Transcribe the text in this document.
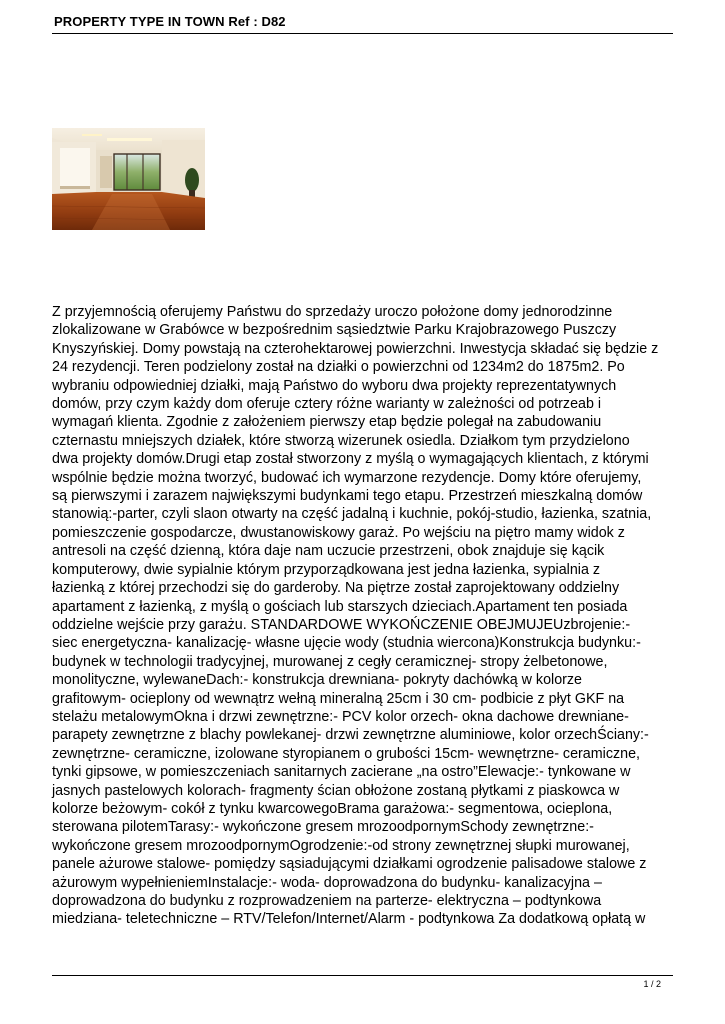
PROPERTY TYPE IN TOWN Ref : D82
Z przyjemnością oferujemy Państwu do sprzedaży uroczo położone domy jednorodzinne
zlokalizowane w Grabówce w bezpośrednim sąsiedztwie Parku Krajobrazowego Puszczy
Knyszyńskiej. Domy powstają na czterohektarowej powierzchni. Inwestycja składać się będzie z
24 rezydencji. Teren podzielony został na działki o powierzchni od 1234m2 do 1875m2. Po
wybraniu odpowiedniej działki, mają Państwo do wyboru dwa projekty reprezentatywnych
domów, przy czym każdy dom oferuje cztery różne warianty w zależności od potrzeab i
wymagań klienta. Zgodnie z założeniem pierwszy etap będzie polegał na zabudowaniu
czternastu mniejszych działek, które stworzą wizerunek osiedla. Działkom tym przydzielono
dwa projekty domów.Drugi etap został stworzony z myślą o wymagających klientach, z którymi
wspólnie będzie można tworzyć, budować ich wymarzone rezydencje. Domy które oferujemy,
są pierwszymi i zarazem największymi budynkami tego etapu. Przestrzeń mieszkalną domów
stanowią:-parter, czyli slaon otwarty na część jadalną i kuchnie, pokój-studio, łazienka, szatnia,
pomieszczenie gospodarcze, dwustanowiskowy garaż. Po wejściu na piętro mamy widok z
antresoli na część dzienną, która daje nam uczucie przestrzeni, obok znajduje się kącik
komputerowy, dwie sypialnie którym przyporządkowana jest jedna łazienka, sypialnia z
łazienką z której przechodzi się do garderoby. Na piętrze został zaprojektowany oddzielny
apartament z łazienką, z myślą o gościach lub starszych dzieciach.Apartament ten posiada
oddzielne wejście przy garażu. STANDARDOWE WYKOŃCZENIE OBEJMUJEUzbrojenie:-
siec energetyczna- kanalizację- własne ujęcie wody (studnia wiercona)Konstrukcja budynku:-
budynek w technologii tradycyjnej, murowanej z cegły ceramicznej- stropy żelbetonowe,
monolityczne, wylewaneDach:- konstrukcja drewniana- pokryty dachówką w kolorze
grafitowym- ocieplony od wewnątrz wełną mineralną 25cm i 30 cm- podbicie z płyt GKF na
stelażu metalowymOkna i drzwi zewnętrzne:- PCV kolor orzech- okna dachowe drewniane-
parapety zewnętrzne z blachy powlekanej- drzwi zewnętrzne aluminiowe, kolor orzechŚciany:-
zewnętrzne- ceramiczne, izolowane styropianem o grubości 15cm- wewnętrzne- ceramiczne,
tynki gipsowe, w pomieszczeniach sanitarnych zacierane „na ostro”Elewacje:- tynkowane w
jasnych pastelowych kolorach- fragmenty ścian obłożone zostaną płytkami z piaskowca w
kolorze beżowym- cokół z tynku kwarcowegoBrama garażowa:- segmentowa, ocieplona,
sterowana pilotemTarasy:- wykończone gresem mrozoodpornymSchody zewnętrzne:-
wykończone gresem mrozoodpornymOgrodzenie:-od strony zewnętrznej słupki murowanej,
panele ażurowe stalowe- pomiędzy sąsiadującymi działkami ogrodzenie palisadowe stalowe z
ażurowym wypełnieniemInstalacje:- woda- doprowadzona do budynku- kanalizacyjna –
doprowadzona do budynku z rozprowadzeniem na parterze- elektryczna – podtynkowa
miedziana- teletechniczne – RTV/Telefon/Internet/Alarm - podtynkowa Za dodatkową opłatą w
1 / 2
